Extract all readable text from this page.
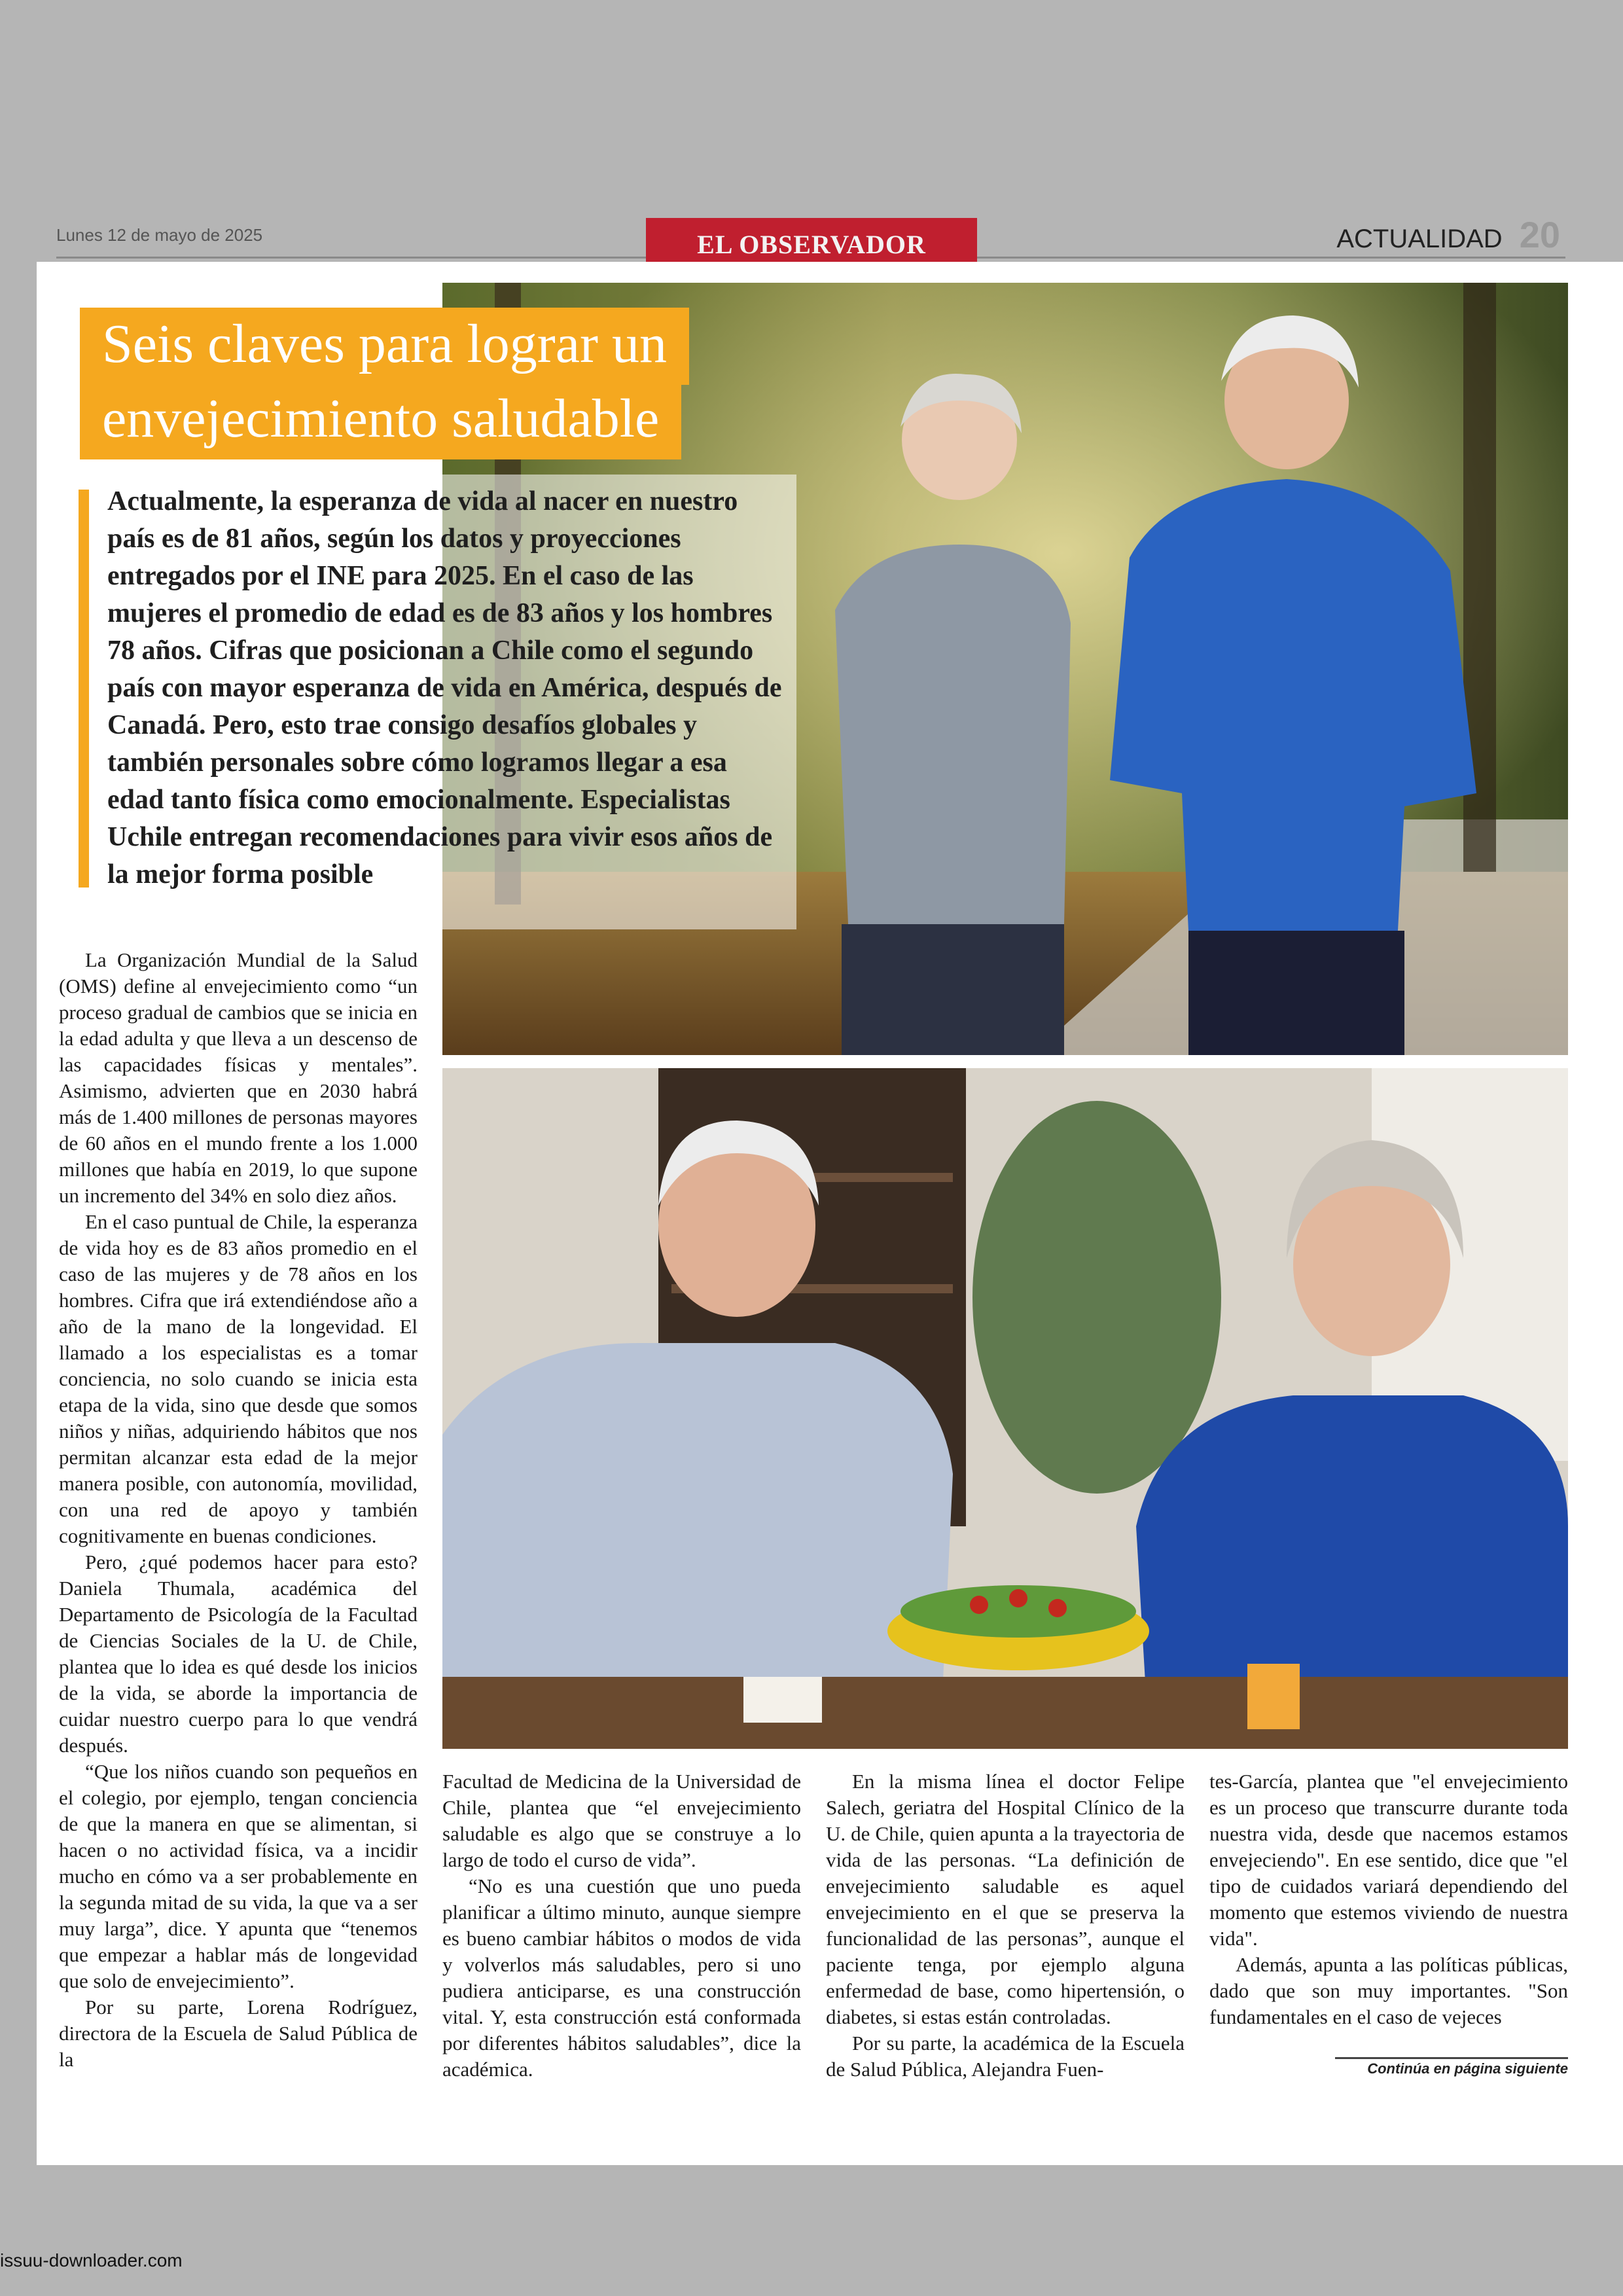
Lunes 12 de mayo de 2025	EL OBSERVADOR	ACTUALIDAD 20
Seis claves para lograr un
envejecimiento saludable
Actualmente, la esperanza de vida al nacer en nuestro país es de 81 años, según los datos y proyecciones entregados por el INE para 2025. En el caso de las mujeres el promedio de edad es de 83 años y los hombres 78 años. Cifras que posicionan a Chile como el segundo país con mayor esperanza de vida en América, después de Canadá. Pero, esto trae consigo desafíos globales y también personales sobre cómo logramos llegar a esa edad tanto física como emocionalmente. Especialistas Uchile entregan recomendaciones para vivir esos años de la mejor forma posible

La Organización Mundial de la Salud (OMS) define al envejecimiento como “un proceso gradual de cambios que se inicia en la edad adulta y que lleva a un descenso de las capacidades físicas y mentales”. Asimismo, advierten que en 2030 habrá más de 1.400 millones de personas mayores de 60 años en el mundo frente a los 1.000 millones que había en 2019, lo que supone un incremento del 34% en solo diez años.

En el caso puntual de Chile, la esperanza de vida hoy es de 83 años promedio en el caso de las mujeres y de 78 años en los hombres. Cifra que irá extendiéndose año a año de la mano de la longevidad. El llamado a los especialistas es a tomar conciencia, no solo cuando se inicia esta etapa de la vida, sino que desde que somos niños y niñas, adquiriendo hábitos que nos permitan alcanzar esta edad de la mejor manera posible, con autonomía, movilidad, con una red de apoyo y también cognitivamente en buenas condiciones.

Pero, ¿qué podemos hacer para esto? Daniela Thumala, académica del Departamento de Psicología de la Facultad de Ciencias Sociales de la U. de Chile, plantea que lo idea es qué desde los inicios de la vida, se aborde la importancia de cuidar nuestro cuerpo para lo que vendrá después.

“Que los niños cuando son pequeños en el colegio, por ejemplo, tengan conciencia de que la manera en que se alimentan, si hacen o no actividad física, va a incidir mucho en cómo va a ser probablemente en la segunda mitad de su vida, la que va a ser muy larga”, dice. Y apunta que “tenemos que empezar a hablar más de longevidad que solo de envejecimiento”.

Por su parte, Lorena Rodríguez, directora de la Escuela de Salud Pública de la

Facultad de Medicina de la Universidad de Chile, plantea que “el envejecimiento saludable es algo que se construye a lo largo de todo el curso de vida”.

“No es una cuestión que uno pueda planificar a último minuto, aunque siempre es bueno cambiar hábitos o modos de vida y volverlos más saludables, pero si uno pudiera anticiparse, es una construcción vital. Y, esta construcción está conformada por diferentes hábitos saludables”, dice la académica.

En la misma línea el doctor Felipe Salech, geriatra del Hospital Clínico de la U. de Chile, quien apunta a la trayectoria de vida de las personas. “La definición de envejecimiento saludable es aquel envejecimiento en el que se preserva la funcionalidad de las personas”, aunque el paciente tenga, por ejemplo alguna enfermedad de base, como hipertensión, o diabetes, si estas están controladas.

Por su parte, la académica de la Escuela de Salud Pública, Alejandra Fuen-

tes-García, plantea que "el envejecimiento es un proceso que transcurre durante toda nuestra vida, desde que nacemos estamos envejeciendo". En ese sentido, dice que "el tipo de cuidados variará dependiendo del momento que estemos viviendo de nuestra vida".

Además, apunta a las políticas públicas, dado que son muy importantes. "Son fundamentales en el caso de vejeces

Continúa en página siguiente
issuu-downloader.com
